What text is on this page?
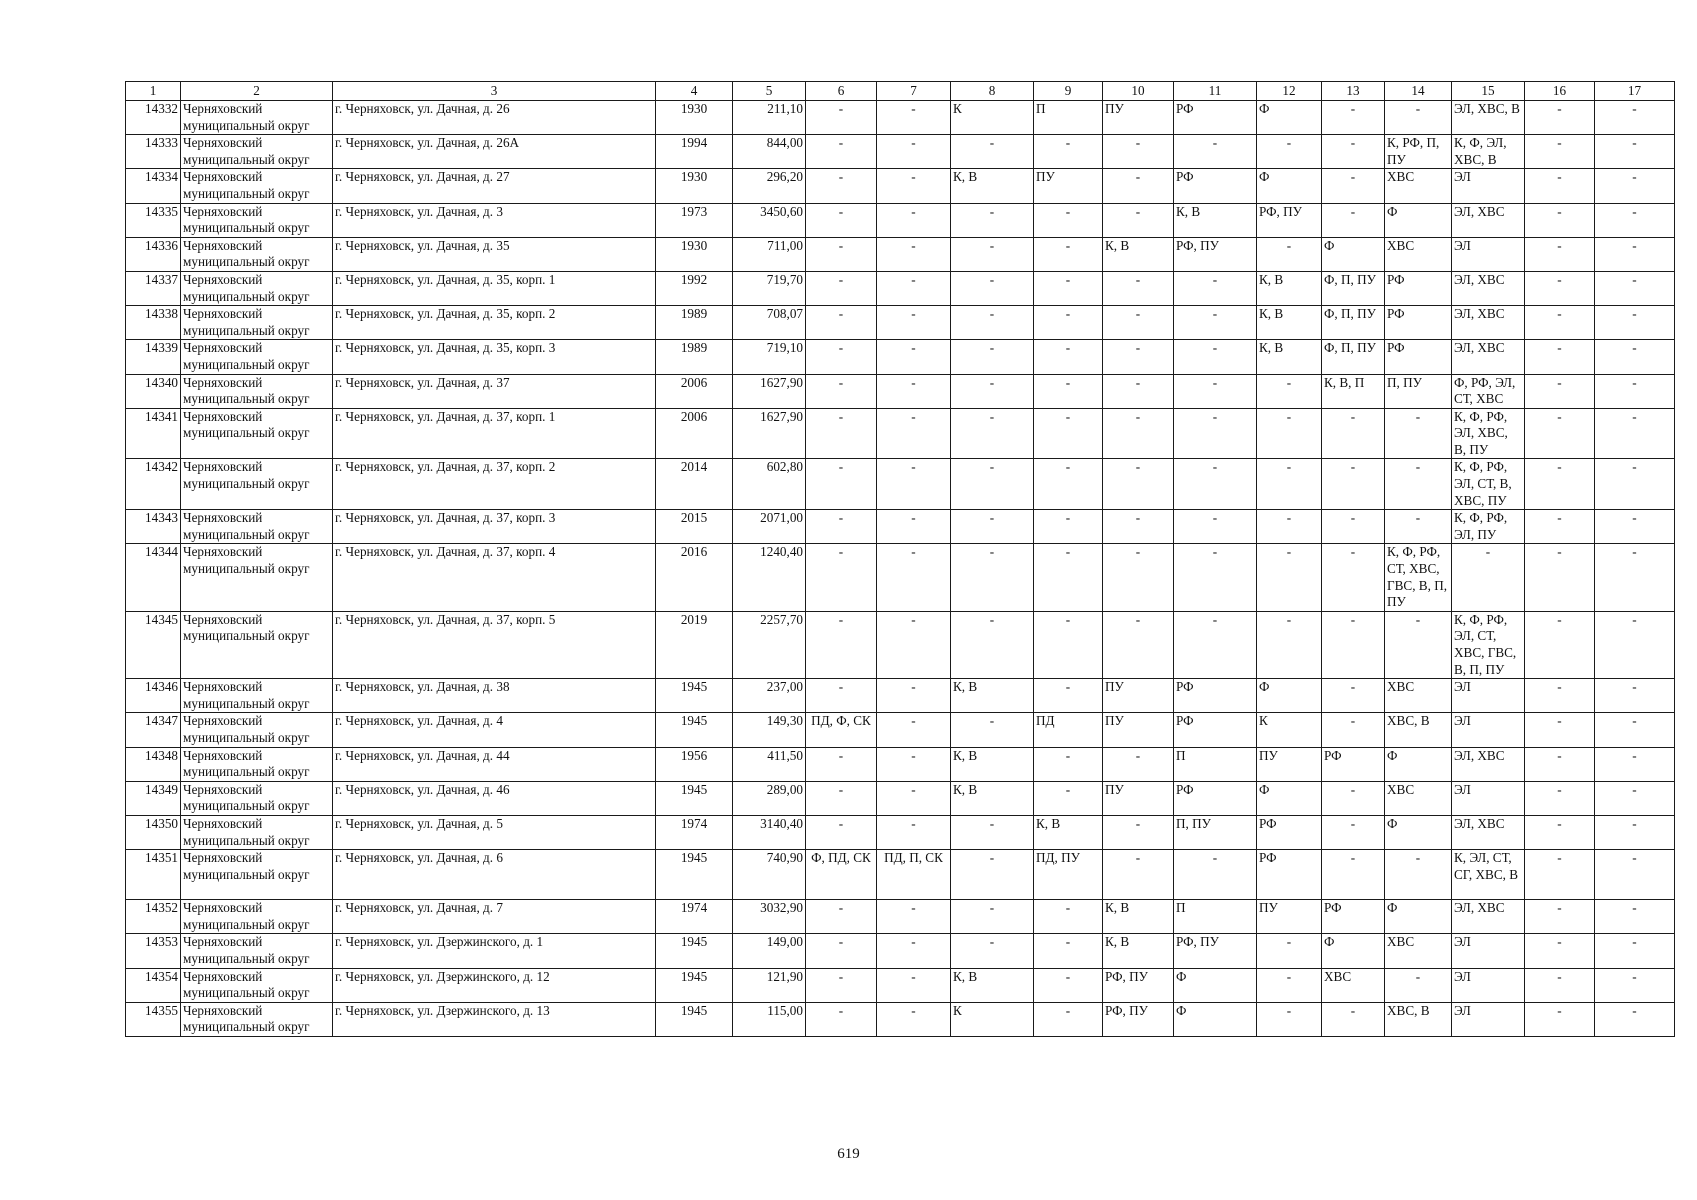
1	2	3	4	5	6	7	8	9	10	11	12	13	14	15	16	17
14332	Черняховский муниципальный округ	г. Черняховск, ул. Дачная, д. 26	1930	211,10	-	-	К	П	ПУ	РФ	Ф	-	-	ЭЛ, ХВС, В	-	-
14333	Черняховский муниципальный округ	г. Черняховск, ул. Дачная, д. 26А	1994	844,00	-	-	-	-	-	-	-	-	К, РФ, П, ПУ	К, Ф, ЭЛ, ХВС, В	-	-
14334	Черняховский муниципальный округ	г. Черняховск, ул. Дачная, д. 27	1930	296,20	-	-	К, В	ПУ	-	РФ	Ф	-	ХВС	ЭЛ	-	-
14335	Черняховский муниципальный округ	г. Черняховск, ул. Дачная, д. 3	1973	3450,60	-	-	-	-	-	К, В	РФ, ПУ	-	Ф	ЭЛ, ХВС	-	-
14336	Черняховский муниципальный округ	г. Черняховск, ул. Дачная, д. 35	1930	711,00	-	-	-	-	К, В	РФ, ПУ	-	Ф	ХВС	ЭЛ	-	-
14337	Черняховский муниципальный округ	г. Черняховск, ул. Дачная, д. 35, корп. 1	1992	719,70	-	-	-	-	-	-	К, В	Ф, П, ПУ	РФ	ЭЛ, ХВС	-	-
14338	Черняховский муниципальный округ	г. Черняховск, ул. Дачная, д. 35, корп. 2	1989	708,07	-	-	-	-	-	-	К, В	Ф, П, ПУ	РФ	ЭЛ, ХВС	-	-
14339	Черняховский муниципальный округ	г. Черняховск, ул. Дачная, д. 35, корп. 3	1989	719,10	-	-	-	-	-	-	К, В	Ф, П, ПУ	РФ	ЭЛ, ХВС	-	-
14340	Черняховский муниципальный округ	г. Черняховск, ул. Дачная, д. 37	2006	1627,90	-	-	-	-	-	-	-	К, В, П	П, ПУ	Ф, РФ, ЭЛ, СТ, ХВС	-	-
14341	Черняховский муниципальный округ	г. Черняховск, ул. Дачная, д. 37, корп. 1	2006	1627,90	-	-	-	-	-	-	-	-	-	К, Ф, РФ, ЭЛ, ХВС, В, ПУ	-	-
14342	Черняховский муниципальный округ	г. Черняховск, ул. Дачная, д. 37, корп. 2	2014	602,80	-	-	-	-	-	-	-	-	-	К, Ф, РФ, ЭЛ, СТ, В, ХВС, ПУ	-	-
14343	Черняховский муниципальный округ	г. Черняховск, ул. Дачная, д. 37, корп. 3	2015	2071,00	-	-	-	-	-	-	-	-	-	К, Ф, РФ, ЭЛ, ПУ	-	-
14344	Черняховский муниципальный округ	г. Черняховск, ул. Дачная, д. 37, корп. 4	2016	1240,40	-	-	-	-	-	-	-	-	К, Ф, РФ, СТ, ХВС, ГВС, В, П, ПУ	-	-	-
14345	Черняховский муниципальный округ	г. Черняховск, ул. Дачная, д. 37, корп. 5	2019	2257,70	-	-	-	-	-	-	-	-	-	К, Ф, РФ, ЭЛ, СТ, ХВС, ГВС, В, П, ПУ	-	-
14346	Черняховский муниципальный округ	г. Черняховск, ул. Дачная, д. 38	1945	237,00	-	-	К, В	-	ПУ	РФ	Ф	-	ХВС	ЭЛ	-	-
14347	Черняховский муниципальный округ	г. Черняховск, ул. Дачная, д. 4	1945	149,30	ПД, Ф, СК	-	-	ПД	ПУ	РФ	К	-	ХВС, В	ЭЛ	-	-
14348	Черняховский муниципальный округ	г. Черняховск, ул. Дачная, д. 44	1956	411,50	-	-	К, В	-	-	П	ПУ	РФ	Ф	ЭЛ, ХВС	-	-
14349	Черняховский муниципальный округ	г. Черняховск, ул. Дачная, д. 46	1945	289,00	-	-	К, В	-	ПУ	РФ	Ф	-	ХВС	ЭЛ	-	-
14350	Черняховский муниципальный округ	г. Черняховск, ул. Дачная, д. 5	1974	3140,40	-	-	-	К, В	-	П, ПУ	РФ	-	Ф	ЭЛ, ХВС	-	-
14351	Черняховский муниципальный округ	г. Черняховск, ул. Дачная, д. 6	1945	740,90	Ф, ПД, СК	ПД, П, СК	-	ПД, ПУ	-	-	РФ	-	-	К, ЭЛ, СТ, СГ, ХВС, В	-	-
14352	Черняховский муниципальный округ	г. Черняховск, ул. Дачная, д. 7	1974	3032,90	-	-	-	-	К, В	П	ПУ	РФ	Ф	ЭЛ, ХВС	-	-
14353	Черняховский муниципальный округ	г. Черняховск, ул. Дзержинского, д. 1	1945	149,00	-	-	-	-	К, В	РФ, ПУ	-	Ф	ХВС	ЭЛ	-	-
14354	Черняховский муниципальный округ	г. Черняховск, ул. Дзержинского, д. 12	1945	121,90	-	-	К, В	-	РФ, ПУ	Ф	-	ХВС	-	ЭЛ	-	-
14355	Черняховский муниципальный округ	г. Черняховск, ул. Дзержинского, д. 13	1945	115,00	-	-	К	-	РФ, ПУ	Ф	-	-	ХВС, В	ЭЛ	-	-
619
